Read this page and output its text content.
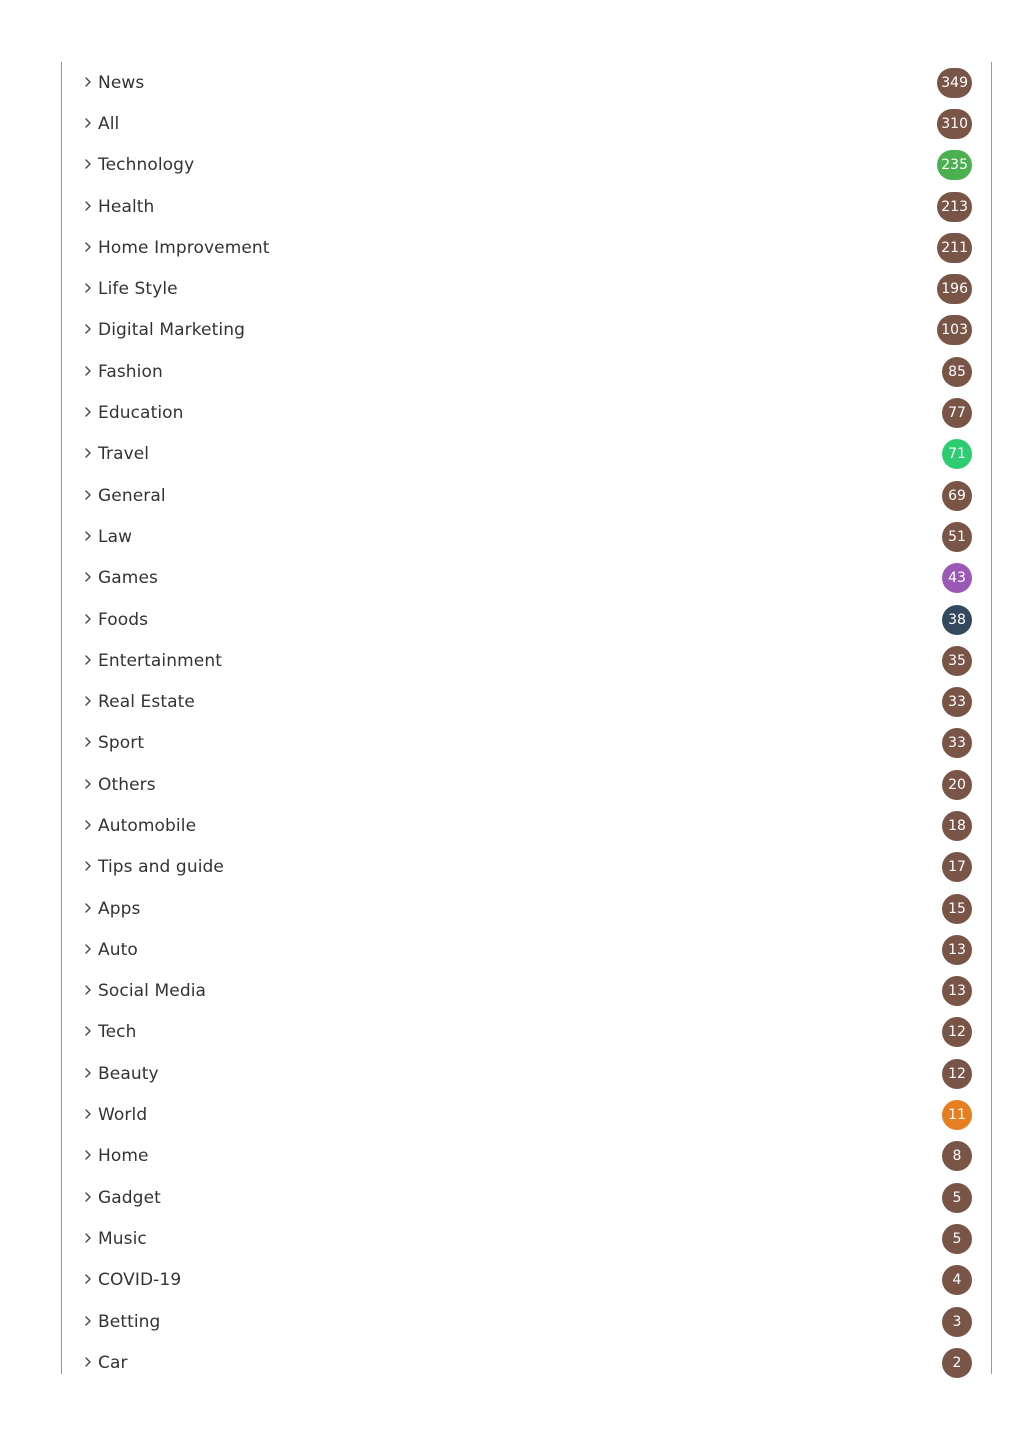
News	349
All	310
Technology	235
Health	213
Home Improvement	211
Life Style	196
Digital Marketing	103
Fashion	85
Education	77
Travel	71
General	69
Law	51
Games	43
Foods	38
Entertainment	35
Real Estate	33
Sport	33
Others	20
Automobile	18
Tips and guide	17
Apps	15
Auto	13
Social Media	13
Tech	12
Beauty	12
World	11
Home	8
Gadget	5
Music	5
COVID-19	4
Betting	3
Car	2
